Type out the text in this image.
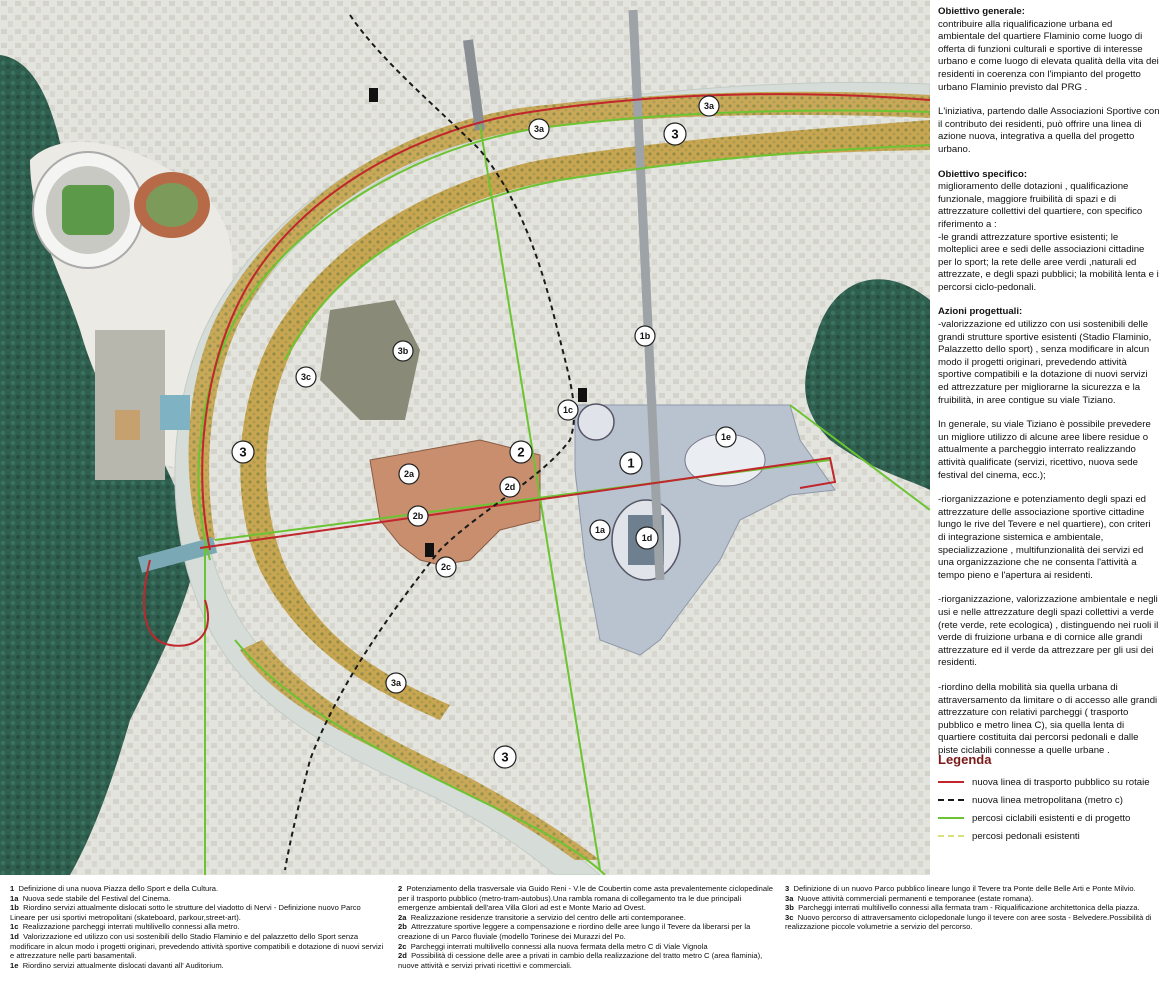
1
1a
1b
1c
1d
1e
2
2a
2b
2c
2d
3
3
3
3a
3a
3a
3b
3c
Obiettivo generale:
contribuire alla riqualificazione urbana ed ambientale del quartiere Flaminio come luogo di offerta di funzioni culturali e sportive di interesse urbano e come luogo di elevata qualità della vita dei residenti in coerenza con l'impianto del progetto urbano Flaminio previsto dal PRG .
L'iniziativa, partendo dalle Associazioni Sportive con il contributo dei residenti, può offrire una linea di azione nuova, integrativa a quella del progetto urbano.
Obiettivo specifico:
miglioramento delle dotazioni , qualificazione funzionale, maggiore fruibilità di spazi e di attrezzature collettivi del quartiere, con specifico riferimento a :
-le grandi attrezzature sportive esistenti; le molteplici aree e sedi delle associazioni cittadine per lo sport; la rete delle aree verdi ,naturali ed attrezzate, e degli spazi pubblici; la mobilità lenta e i percorsi ciclo-pedonali.
Azioni progettuali:
-valorizzazione ed utilizzo con usi sostenibili delle grandi strutture sportive esistenti (Stadio Flaminio, Palazzetto dello sport) , senza modificare in alcun modo il progetti originari, prevedendo attività sportive compatibili e la dotazione di nuovi servizi ed attrezzature per migliorarne la sicurezza e la fruibilità, in aree contigue su viale Tiziano.
In generale, su viale Tiziano è possibile prevedere un migliore utilizzo di alcune aree libere residue o attualmente a parcheggio interrato realizzando attività qualificate (servizi, ricettivo, nuova sede festival del cinema, ecc.);
-riorganizzazione e potenziamento degli spazi ed attrezzature delle associazione sportive cittadine lungo le rive del Tevere e nel quartiere), con criteri di integrazione sistemica e ambientale, specializzazione , multifunzionalità dei servizi ed una organizzazione che ne consenta l'attività a tempo pieno e l'apertura ai residenti.
-riorganizzazione, valorizzazione ambientale e negli usi e nelle attrezzature degli spazi collettivi a verde (rete verde, rete ecologica) , distinguendo nei ruoli il verde di fruizione urbana e di cornice alle grandi attrezzature ed il verde da attrezzare per gli usi dei residenti.
-riordino della mobilità sia quella urbana di attraversamento da limitare o di accesso alle grandi attrezzature con relativi parcheggi ( trasporto pubblico e metro linea C), sia quella lenta di quartiere costituita dai percorsi pedonali e dalle piste ciclabili connesse a quelle urbane .
Legenda
nuova linea di trasporto pubblico su rotaie
nuova linea metropolitana (metro c)
percosi ciclabili esistenti e di progetto
percosi pedonali esistenti
1 Definizione di una nuova Piazza dello Sport e della Cultura.
1a Nuova sede stabile del Festival del Cinema.
1b Riordino servizi attualmente dislocati sotto le strutture del viadotto di Nervi - Definizione nuovo Parco Lineare per usi sportivi metropolitani (skateboard, parkour,street-art).
1c Realizzazione parcheggi interrati multilivello connessi alla metro.
1d Valorizzazione ed utilizzo con usi sostenibili dello Stadio Flaminio e del palazzetto dello Sport senza modificare in alcun modo i progetti originari, prevedendo attività sportive compatibili e dotazione di nuovi servizi e attrezzature nelle parti basamentali.
1e Riordino servizi attualmente dislocati davanti all' Auditorium.
2 Potenziamento della trasversale via Guido Reni - V.le de Coubertin come asta prevalentemente ciclopedinale per il trasporto pubblico (metro-tram-autobus).Una rambla romana di collegamento tra le due principali emergenze ambientali dell'area Villa Glori ad est e Monte Mario ad Ovest.
2a Realizzazione residenze transitorie a servizio del centro delle arti contemporanee.
2b Attrezzature sportive leggere a compensazione e riordino delle aree lungo il Tevere da liberarsi per la creazione di un Parco fluviale (modello Torinese dei Murazzi del Po.
2c Parcheggi interrati multilivello connessi alla nuova fermata della metro C di Viale Vignola
2d Possibilità di cessione delle aree a privati in cambio della realizzazione del tratto metro C (area flaminia), nuove attività e servizi privati ricettivi e commerciali.
3 Definizione di un nuovo Parco pubblico lineare lungo il Tevere tra Ponte delle Belle Arti e Ponte Milvio.
3a Nuove attività commerciali permanenti e temporanee (estate romana).
3b Parcheggi interrati multilivello connessi alla fermata tram - Riqualificazione architettonica della piazza.
3c Nuovo percorso di attraversamento ciclopedonale lungo il tevere con aree sosta - Belvedere.Possibilità di realizzazione piccole volumetrie a servizio del percorso.
